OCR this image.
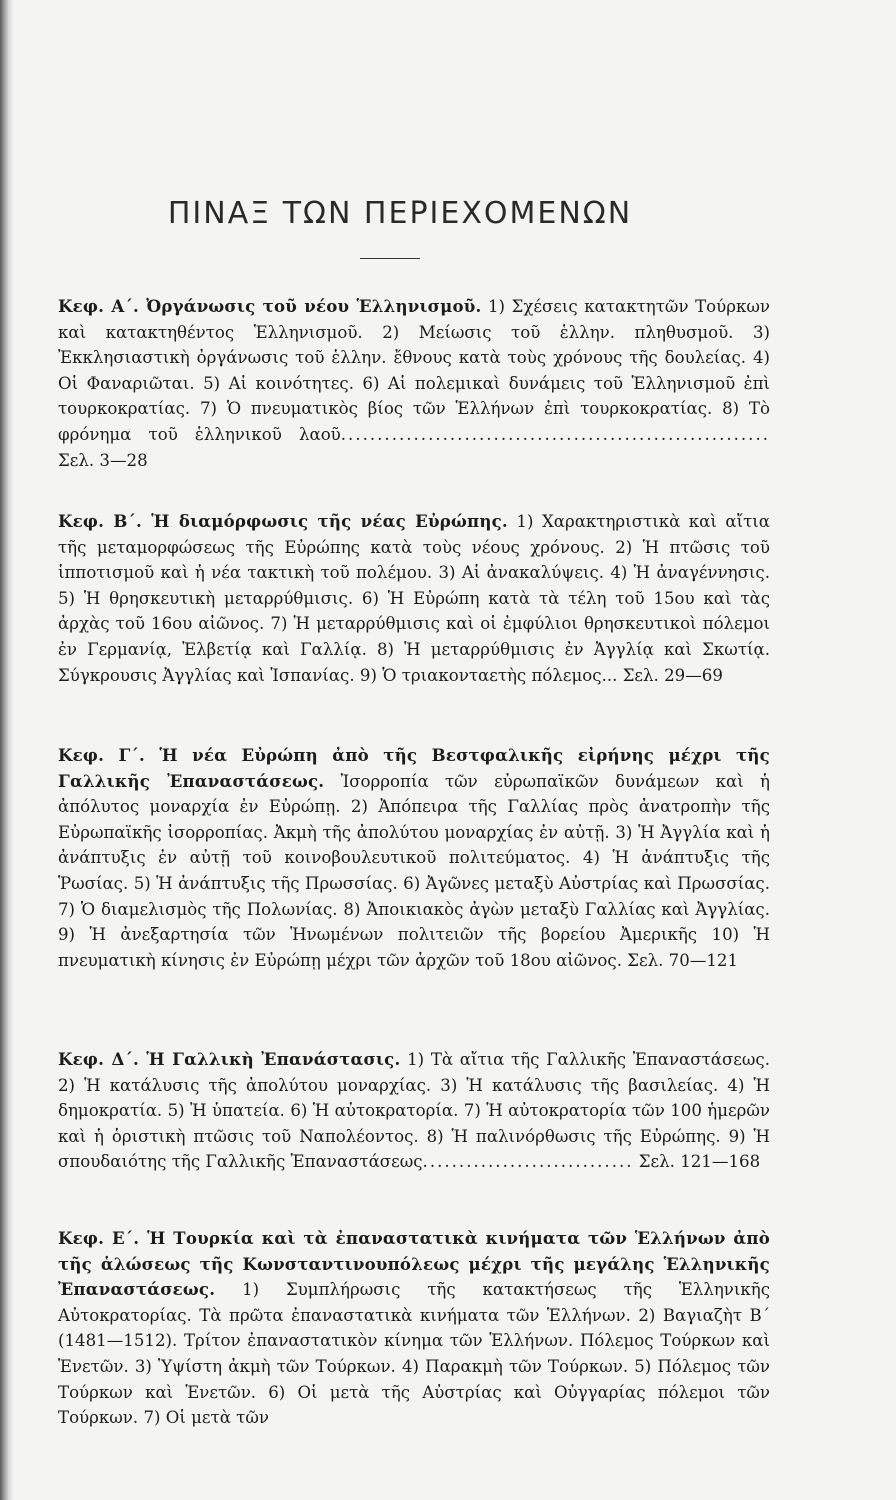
ΠΙΝΑΞ ΤΩΝ ΠΕΡΙΕΧΟΜΕΝΩΝ

Κεφ. Α΄. Ὀργάνωσις τοῦ νέου Ἑλληνισμοῦ. 1) Σχέσεις κατακτητῶν Τούρκων καὶ κατακτηθέντος Ἑλληνισμοῦ. 2) Μείωσις τοῦ ἑλλην. πληθυσμοῦ. 3) Ἐκκλησιαστικὴ ὀργάνωσις τοῦ ἑλλην. ἔθνους κατὰ τοὺς χρόνους τῆς δουλείας. 4) Οἱ Φαναριῶται. 5) Αἱ κοινότητες. 6) Αἱ πολεμικαὶ δυνάμεις τοῦ Ἑλληνισμοῦ ἐπὶ τουρκοκρατίας. 7) Ὁ πνευματικὸς βίος τῶν Ἑλλήνων ἐπὶ τουρκοκρατίας. 8) Τὸ φρόνημα τοῦ ἑλληνικοῦ λαοῦ........................................................... Σελ. 3—28

Κεφ. Β΄. Ἡ διαμόρφωσις τῆς νέας Εὐρώπης. 1) Χαρακτηριστικὰ καὶ αἴτια τῆς μεταμορφώσεως τῆς Εὐρώπης κατὰ τοὺς νέους χρόνους. 2) Ἡ πτῶσις τοῦ ἱπποτισμοῦ καὶ ἡ νέα τακτικὴ τοῦ πολέμου. 3) Αἱ ἀνακαλύψεις. 4) Ἡ ἀναγέννησις. 5) Ἡ θρησκευτικὴ μεταρρύθμισις. 6) Ἡ Εὐρώπη κατὰ τὰ τέλη τοῦ 15ου καὶ τὰς ἀρχὰς τοῦ 16ου αἰῶνος. 7) Ἡ μεταρρύθμισις καὶ οἱ ἐμφύλιοι θρησκευτικοὶ πόλεμοι ἐν Γερμανίᾳ, Ἑλβετίᾳ καὶ Γαλλίᾳ. 8) Ἡ μεταρρύθμισις ἐν Ἀγγλίᾳ καὶ Σκωτίᾳ. Σύγκρουσις Ἀγγλίας καὶ Ἱσπανίας. 9) Ὁ τριακονταετὴς πόλεμος... Σελ. 29—69

Κεφ. Γ΄. Ἡ νέα Εὐρώπη ἀπὸ τῆς Βεστφαλικῆς εἰρήνης μέχρι τῆς Γαλλικῆς Ἐπαναστάσεως. Ἰσορροπία τῶν εὐρωπαϊκῶν δυνάμεων καὶ ἡ ἀπόλυτος μοναρχία ἐν Εὐρώπῃ. 2) Ἀπόπειρα τῆς Γαλλίας πρὸς ἀνατροπὴν τῆς Εὐρωπαϊκῆς ἰσορροπίας. Ἀκμὴ τῆς ἀπολύτου μοναρχίας ἐν αὐτῇ. 3) Ἡ Ἀγγλία καὶ ἡ ἀνάπτυξις ἐν αὐτῇ τοῦ κοινοβουλευτικοῦ πολιτεύματος. 4) Ἡ ἀνάπτυξις τῆς Ῥωσίας. 5) Ἡ ἀνάπτυξις τῆς Πρωσσίας. 6) Ἀγῶνες μεταξὺ Αὐστρίας καὶ Πρωσσίας. 7) Ὁ διαμελισμὸς τῆς Πολωνίας. 8) Ἀποικιακὸς ἀγὼν μεταξὺ Γαλλίας καὶ Ἀγγλίας. 9) Ἡ ἀνεξαρτησία τῶν Ἡνωμένων πολιτειῶν τῆς βορείου Ἀμερικῆς 10) Ἡ πνευματικὴ κίνησις ἐν Εὐρώπῃ μέχρι τῶν ἀρχῶν τοῦ 18ου αἰῶνος. Σελ. 70—121

Κεφ. Δ΄. Ἡ Γαλλικὴ Ἐπανάστασις. 1) Τὰ αἴτια τῆς Γαλλικῆς Ἐπαναστάσεως. 2) Ἡ κατάλυσις τῆς ἀπολύτου μοναρχίας. 3) Ἡ κατάλυσις τῆς βασιλείας. 4) Ἡ δημοκρατία. 5) Ἡ ὑπατεία. 6) Ἡ αὐτοκρατορία. 7) Ἡ αὐτοκρατορία τῶν 100 ἡμερῶν καὶ ἡ ὁριστικὴ πτῶσις τοῦ Ναπολέοντος. 8) Ἡ παλινόρθωσις τῆς Εὐρώπης. 9) Ἡ σπουδαιότης τῆς Γαλλικῆς Ἐπαναστάσεως............................. Σελ. 121—168

Κεφ. Ε΄. Ἡ Τουρκία καὶ τὰ ἐπαναστατικὰ κινήματα τῶν Ἑλλήνων ἀπὸ τῆς ἁλώσεως τῆς Κωνσταντινουπόλεως μέχρι τῆς μεγάλης Ἑλληνικῆς Ἐπαναστάσεως. 1) Συμπλήρωσις τῆς κατακτήσεως τῆς Ἑλληνικῆς Αὐτοκρατορίας. Τὰ πρῶτα ἐπαναστατικὰ κινήματα τῶν Ἑλλήνων. 2) Βαγιαζὴτ Β΄ (1481—1512). Τρίτον ἐπαναστατικὸν κίνημα τῶν Ἑλλήνων. Πόλεμος Τούρκων καὶ Ἑνετῶν. 3) Ὑψίστη ἀκμὴ τῶν Τούρκων. 4) Παρακμὴ τῶν Τούρκων. 5) Πόλεμος τῶν Τούρκων καὶ Ἑνετῶν. 6) Οἱ μετὰ τῆς Αὐστρίας καὶ Οὐγγαρίας πόλεμοι τῶν Τούρκων. 7) Οἱ μετὰ τῶν
